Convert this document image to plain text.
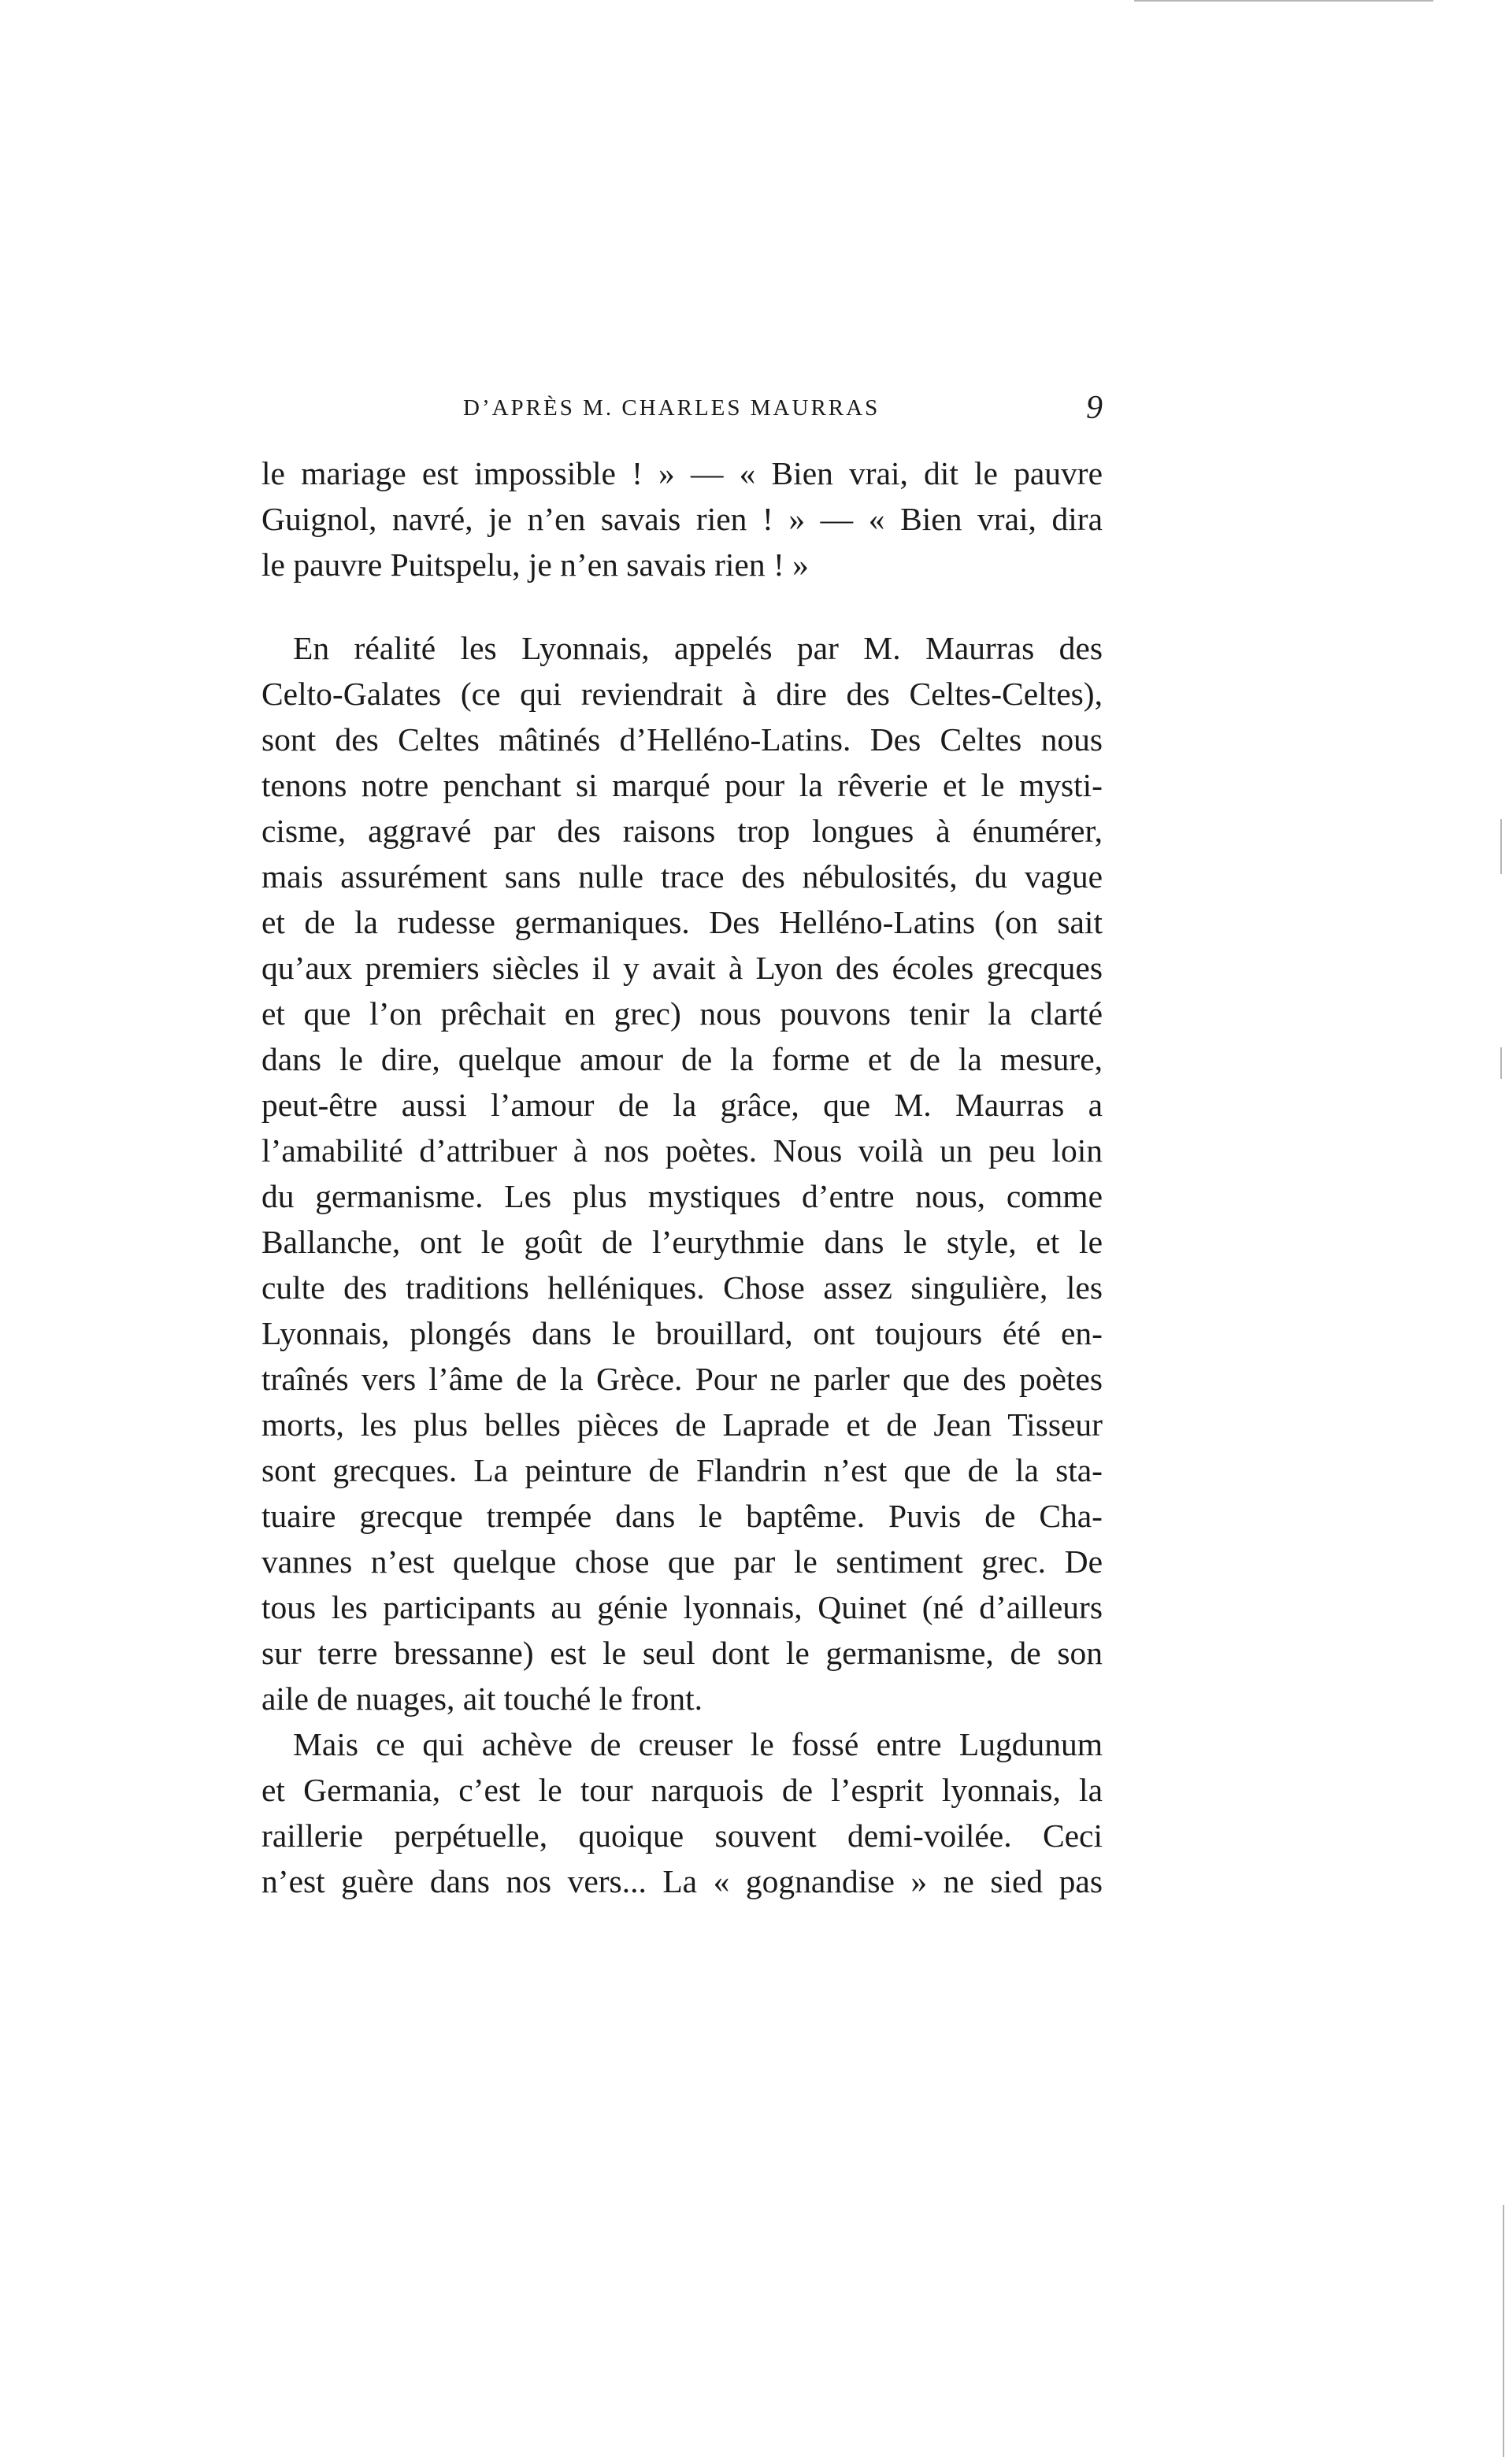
D’APRÈS M. CHARLES MAURRAS	9
le mariage est impossible ! » — « Bien vrai, dit le pauvre
Guignol, navré, je n’en savais rien ! » — « Bien vrai, dira
le pauvre Puitspelu, je n’en savais rien ! »
En réalité les Lyonnais, appelés par M. Maurras des
Celto-Galates (ce qui reviendrait à dire des Celtes-Celtes),
sont des Celtes mâtinés d’Helléno-Latins. Des Celtes nous
tenons notre penchant si marqué pour la rêverie et le mysti-
cisme, aggravé par des raisons trop longues à énumérer,
mais assurément sans nulle trace des nébulosités, du vague
et de la rudesse germaniques. Des Helléno-Latins (on sait
qu’aux premiers siècles il y avait à Lyon des écoles grecques
et que l’on prêchait en grec) nous pouvons tenir la clarté
dans le dire, quelque amour de la forme et de la mesure,
peut-être aussi l’amour de la grâce, que M. Maurras a
l’amabilité d’attribuer à nos poètes. Nous voilà un peu loin
du germanisme. Les plus mystiques d’entre nous, comme
Ballanche, ont le goût de l’eurythmie dans le style, et le
culte des traditions helléniques. Chose assez singulière, les
Lyonnais, plongés dans le brouillard, ont toujours été en-
traînés vers l’âme de la Grèce. Pour ne parler que des poètes
morts, les plus belles pièces de Laprade et de Jean Tisseur
sont grecques. La peinture de Flandrin n’est que de la sta-
tuaire grecque trempée dans le baptême. Puvis de Cha-
vannes n’est quelque chose que par le sentiment grec. De
tous les participants au génie lyonnais, Quinet (né d’ailleurs
sur terre bressanne) est le seul dont le germanisme, de son
aile de nuages, ait touché le front.
Mais ce qui achève de creuser le fossé entre Lugdunum
et Germania, c’est le tour narquois de l’esprit lyonnais, la
raillerie perpétuelle, quoique souvent demi-voilée. Ceci
n’est guère dans nos vers... La « gognandise » ne sied pas
